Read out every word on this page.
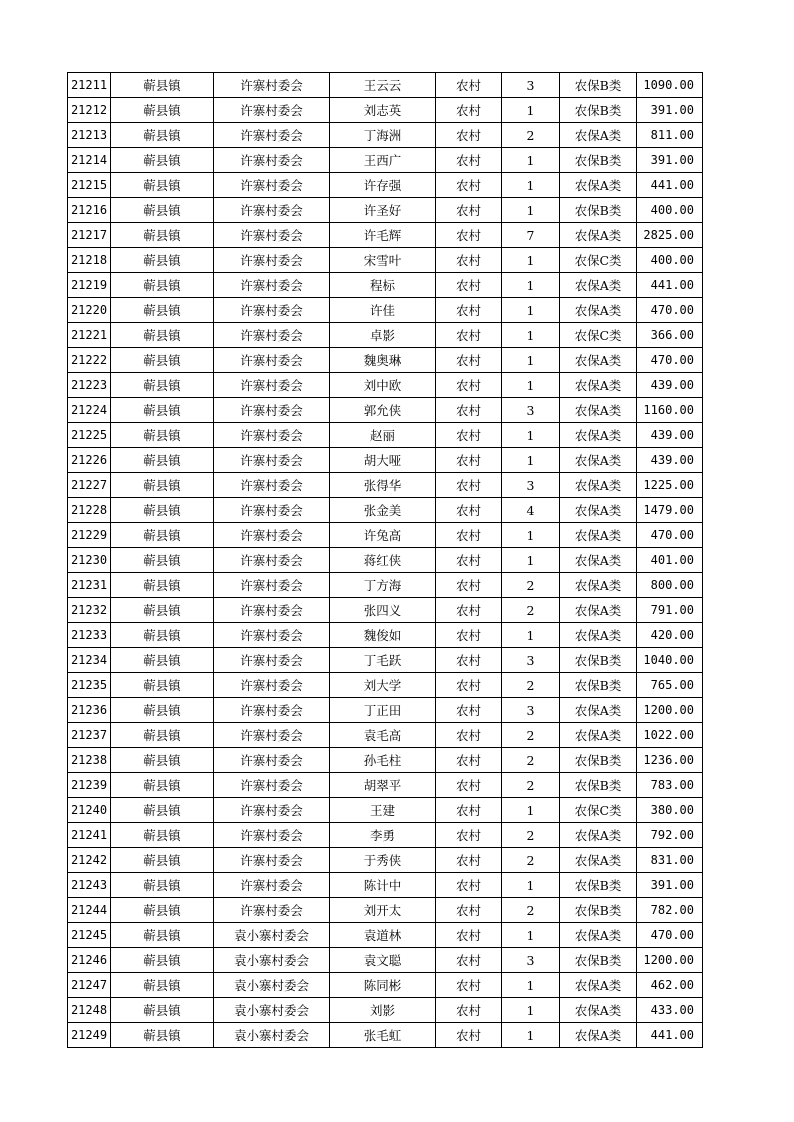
21211	蕲县镇	许寨村委会	王云云	农村	3	农保B类	1090.00
21212	蕲县镇	许寨村委会	刘志英	农村	1	农保B类	391.00
21213	蕲县镇	许寨村委会	丁海洲	农村	2	农保A类	811.00
21214	蕲县镇	许寨村委会	王西广	农村	1	农保B类	391.00
21215	蕲县镇	许寨村委会	许存强	农村	1	农保A类	441.00
21216	蕲县镇	许寨村委会	许圣好	农村	1	农保B类	400.00
21217	蕲县镇	许寨村委会	许毛辉	农村	7	农保A类	2825.00
21218	蕲县镇	许寨村委会	宋雪叶	农村	1	农保C类	400.00
21219	蕲县镇	许寨村委会	程标	农村	1	农保A类	441.00
21220	蕲县镇	许寨村委会	许佳	农村	1	农保A类	470.00
21221	蕲县镇	许寨村委会	卓影	农村	1	农保C类	366.00
21222	蕲县镇	许寨村委会	魏奥琳	农村	1	农保A类	470.00
21223	蕲县镇	许寨村委会	刘中欧	农村	1	农保A类	439.00
21224	蕲县镇	许寨村委会	郭允侠	农村	3	农保A类	1160.00
21225	蕲县镇	许寨村委会	赵丽	农村	1	农保A类	439.00
21226	蕲县镇	许寨村委会	胡大哑	农村	1	农保A类	439.00
21227	蕲县镇	许寨村委会	张得华	农村	3	农保A类	1225.00
21228	蕲县镇	许寨村委会	张金美	农村	4	农保A类	1479.00
21229	蕲县镇	许寨村委会	许兔高	农村	1	农保A类	470.00
21230	蕲县镇	许寨村委会	蒋红侠	农村	1	农保A类	401.00
21231	蕲县镇	许寨村委会	丁方海	农村	2	农保A类	800.00
21232	蕲县镇	许寨村委会	张四义	农村	2	农保A类	791.00
21233	蕲县镇	许寨村委会	魏俊如	农村	1	农保A类	420.00
21234	蕲县镇	许寨村委会	丁毛跃	农村	3	农保B类	1040.00
21235	蕲县镇	许寨村委会	刘大学	农村	2	农保B类	765.00
21236	蕲县镇	许寨村委会	丁正田	农村	3	农保A类	1200.00
21237	蕲县镇	许寨村委会	袁毛高	农村	2	农保A类	1022.00
21238	蕲县镇	许寨村委会	孙毛柱	农村	2	农保B类	1236.00
21239	蕲县镇	许寨村委会	胡翠平	农村	2	农保B类	783.00
21240	蕲县镇	许寨村委会	王建	农村	1	农保C类	380.00
21241	蕲县镇	许寨村委会	李勇	农村	2	农保A类	792.00
21242	蕲县镇	许寨村委会	于秀侠	农村	2	农保A类	831.00
21243	蕲县镇	许寨村委会	陈计中	农村	1	农保B类	391.00
21244	蕲县镇	许寨村委会	刘开太	农村	2	农保B类	782.00
21245	蕲县镇	袁小寨村委会	袁道林	农村	1	农保A类	470.00
21246	蕲县镇	袁小寨村委会	袁文聪	农村	3	农保B类	1200.00
21247	蕲县镇	袁小寨村委会	陈同彬	农村	1	农保A类	462.00
21248	蕲县镇	袁小寨村委会	刘影	农村	1	农保A类	433.00
21249	蕲县镇	袁小寨村委会	张毛虹	农村	1	农保A类	441.00
